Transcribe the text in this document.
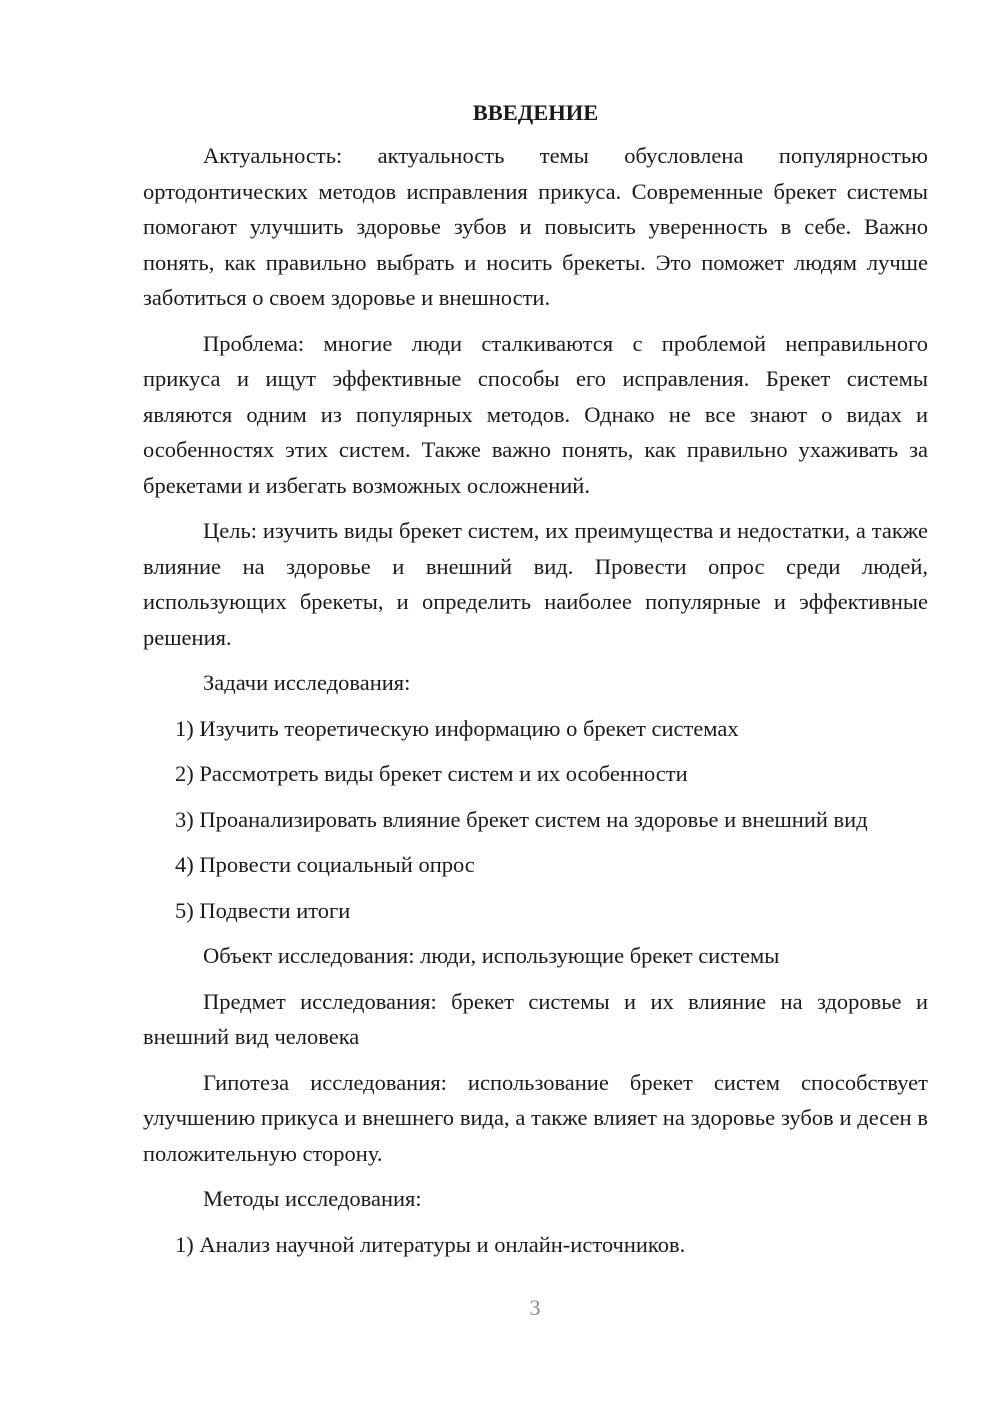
ВВЕДЕНИЕ

Актуальность: актуальность темы обусловлена популярностью ортодонтических методов исправления прикуса. Современные брекет системы помогают улучшить здоровье зубов и повысить уверенность в себе. Важно понять, как правильно выбрать и носить брекеты. Это поможет людям лучше заботиться о своем здоровье и внешности.

Проблема: многие люди сталкиваются с проблемой неправильного прикуса и ищут эффективные способы его исправления. Брекет системы являются одним из популярных методов. Однако не все знают о видах и особенностях этих систем. Также важно понять, как правильно ухаживать за брекетами и избегать возможных осложнений.

Цель: изучить виды брекет систем, их преимущества и недостатки, а также влияние на здоровье и внешний вид. Провести опрос среди людей, использующих брекеты, и определить наиболее популярные и эффективные решения.

Задачи исследования:

1) Изучить теоретическую информацию о брекет системах

2) Рассмотреть виды брекет систем и их особенности

3) Проанализировать влияние брекет систем на здоровье и внешний вид

4) Провести социальный опрос

5) Подвести итоги

Объект исследования: люди, использующие брекет системы

Предмет исследования: брекет системы и их влияние на здоровье и внешний вид человека

Гипотеза исследования: использование брекет систем способствует улучшению прикуса и внешнего вида, а также влияет на здоровье зубов и десен в положительную сторону.

Методы исследования:

1) Анализ научной литературы и онлайн-источников.

3
